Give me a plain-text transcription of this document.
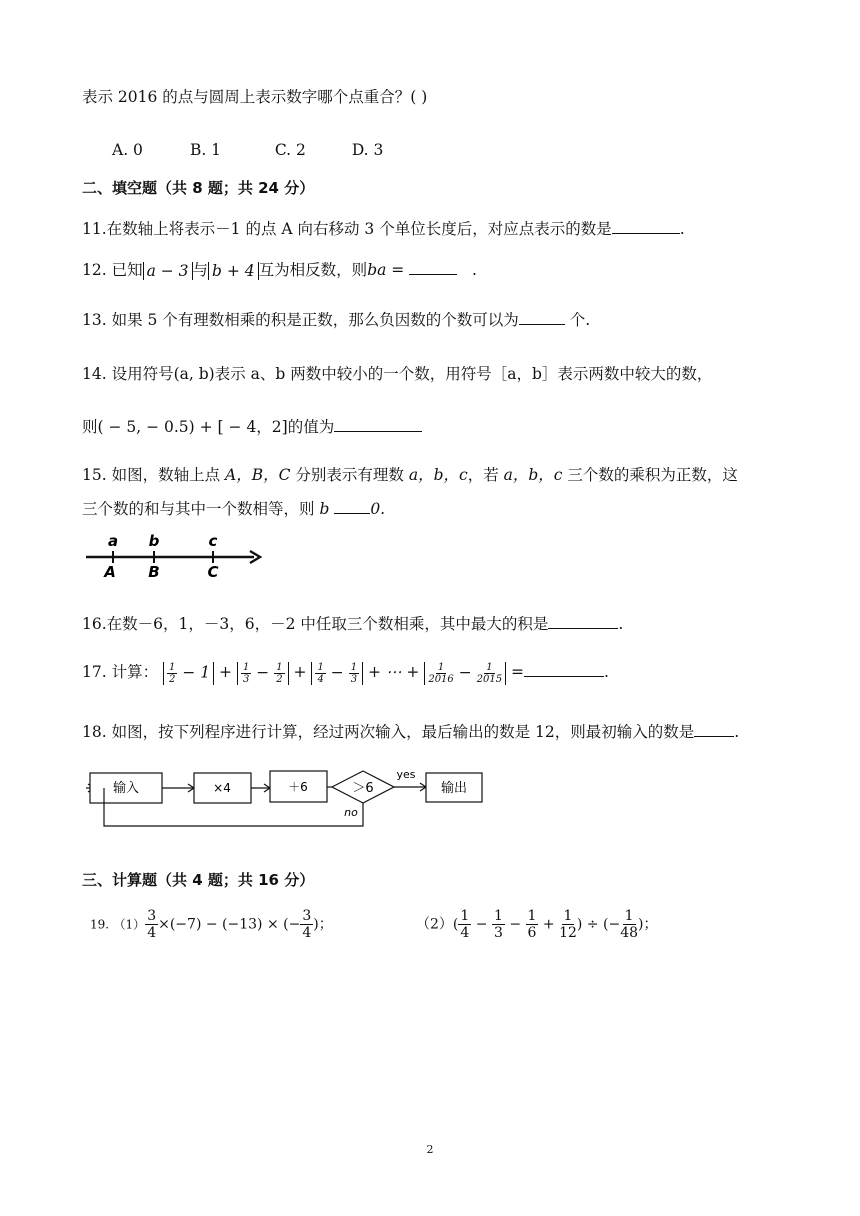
表示 2016 的点与圆周上表示数字哪个点重合？( )
A. 0	B. 1	C. 2	D. 3
二、填空题（共 8 题；共 24 分）
11.在数轴上将表示－1 的点 A 向右移动 3 个单位长度后，对应点表示的数是	.
12. 已知 a − 3 与 b + 4 互为相反数，则ba =	.
13. 如果 5 个有理数相乘的积是正数，那么负因数的个数可以为	个.
14. 设用符号(a, b)表示 a、b 两数中较小的一个数，用符号［a，b］表示两数中较大的数，
则( − 5, − 0.5) + [ − 4，2]的值为
15. 如图，数轴上点 A，B，C 分别表示有理数 a，b，c，若 a，b，c 三个数的乘积为正数，这
三个数的和与其中一个数相等，则 b	0.
a b	c
A B	C
16.在数－6，1，－3，6，－2 中任取三个数相乘，其中最大的积是	.
17. 计算： $\frac{1}{2} - 1 + \frac{1}{3} - \frac{1}{2} + \frac{1}{4} - \frac{1}{3}$ + ⋯ + $\frac{1}{2016} - \frac{1}{2015}$ =	.
18. 如图，按下列程序进行计算，经过两次输入，最后输出的数是 12，则最初输入的数是	.
输入	×4	＋6	＞6
yes
输出
no
三、计算题（共 4 题；共 16 分）
19. $(1) \frac{3}{4} \times(-7) - (-13)$ × (− $\frac{3}{4}$ )；	$(2)( \frac{1}{4} - \frac{1}{3} - \frac{1}{6} + \frac{1}{12}$ ) ÷ (− $\frac{1}{48}$ )；
2
